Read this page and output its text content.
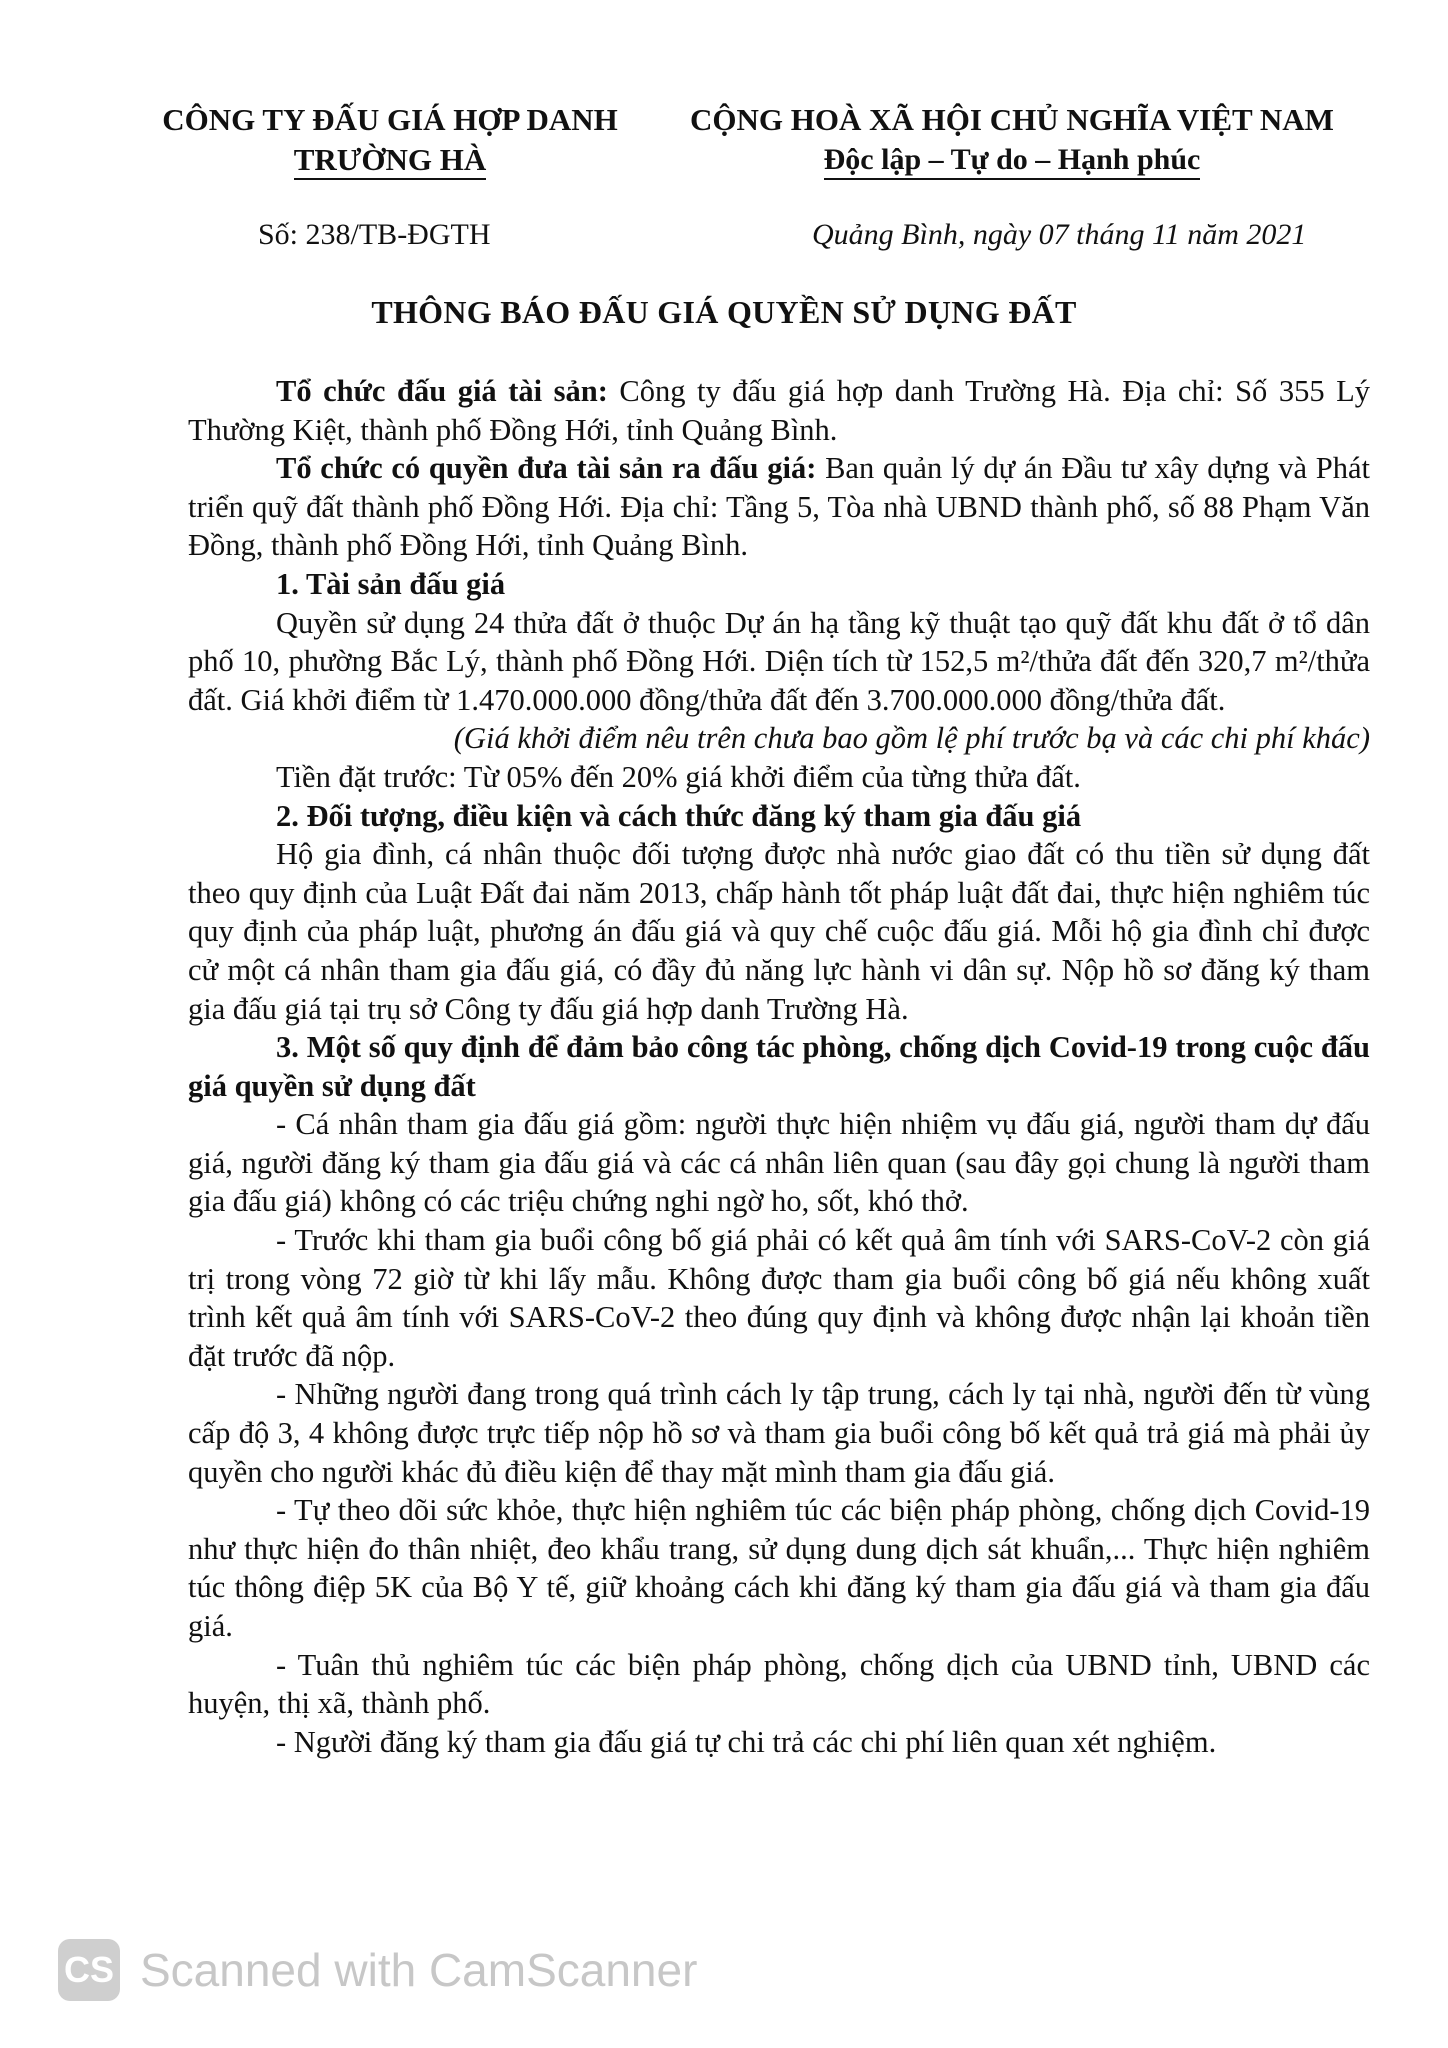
CÔNG TY ĐẤU GIÁ HỢP DANH
TRƯỜNG HÀ
CỘNG HOÀ XÃ HỘI CHỦ NGHĨA VIỆT NAM
Độc lập – Tự do – Hạnh phúc
Số: 238/TB-ĐGTH	Quảng Bình, ngày 07 tháng 11 năm 2021
THÔNG BÁO ĐẤU GIÁ QUYỀN SỬ DỤNG ĐẤT

Tổ chức đấu giá tài sản: Công ty đấu giá hợp danh Trường Hà. Địa chỉ: Số 355 Lý Thường Kiệt, thành phố Đồng Hới, tỉnh Quảng Bình.

Tổ chức có quyền đưa tài sản ra đấu giá: Ban quản lý dự án Đầu tư xây dựng và Phát triển quỹ đất thành phố Đồng Hới. Địa chỉ: Tầng 5, Tòa nhà UBND thành phố, số 88 Phạm Văn Đồng, thành phố Đồng Hới, tỉnh Quảng Bình.

1. Tài sản đấu giá

Quyền sử dụng 24 thửa đất ở thuộc Dự án hạ tầng kỹ thuật tạo quỹ đất khu đất ở tổ dân phố 10, phường Bắc Lý, thành phố Đồng Hới. Diện tích từ 152,5 m²/thửa đất đến 320,7 m²/thửa đất. Giá khởi điểm từ 1.470.000.000 đồng/thửa đất đến 3.700.000.000 đồng/thửa đất.

(Giá khởi điểm nêu trên chưa bao gồm lệ phí trước bạ và các chi phí khác)

Tiền đặt trước: Từ 05% đến 20% giá khởi điểm của từng thửa đất.

2. Đối tượng, điều kiện và cách thức đăng ký tham gia đấu giá

Hộ gia đình, cá nhân thuộc đối tượng được nhà nước giao đất có thu tiền sử dụng đất theo quy định của Luật Đất đai năm 2013, chấp hành tốt pháp luật đất đai, thực hiện nghiêm túc quy định của pháp luật, phương án đấu giá và quy chế cuộc đấu giá. Mỗi hộ gia đình chỉ được cử một cá nhân tham gia đấu giá, có đầy đủ năng lực hành vi dân sự. Nộp hồ sơ đăng ký tham gia đấu giá tại trụ sở Công ty đấu giá hợp danh Trường Hà.

3. Một số quy định để đảm bảo công tác phòng, chống dịch Covid-19 trong cuộc đấu giá quyền sử dụng đất

- Cá nhân tham gia đấu giá gồm: người thực hiện nhiệm vụ đấu giá, người tham dự đấu giá, người đăng ký tham gia đấu giá và các cá nhân liên quan (sau đây gọi chung là người tham gia đấu giá) không có các triệu chứng nghi ngờ ho, sốt, khó thở.

- Trước khi tham gia buổi công bố giá phải có kết quả âm tính với SARS-CoV-2 còn giá trị trong vòng 72 giờ từ khi lấy mẫu. Không được tham gia buổi công bố giá nếu không xuất trình kết quả âm tính với SARS-CoV-2 theo đúng quy định và không được nhận lại khoản tiền đặt trước đã nộp.

- Những người đang trong quá trình cách ly tập trung, cách ly tại nhà, người đến từ vùng cấp độ 3, 4 không được trực tiếp nộp hồ sơ và tham gia buổi công bố kết quả trả giá mà phải ủy quyền cho người khác đủ điều kiện để thay mặt mình tham gia đấu giá.

- Tự theo dõi sức khỏe, thực hiện nghiêm túc các biện pháp phòng, chống dịch Covid-19 như thực hiện đo thân nhiệt, đeo khẩu trang, sử dụng dung dịch sát khuẩn,... Thực hiện nghiêm túc thông điệp 5K của Bộ Y tế, giữ khoảng cách khi đăng ký tham gia đấu giá và tham gia đấu giá.

- Tuân thủ nghiêm túc các biện pháp phòng, chống dịch của UBND tỉnh, UBND các huyện, thị xã, thành phố.

- Người đăng ký tham gia đấu giá tự chi trả các chi phí liên quan xét nghiệm.

CS Scanned with CamScanner
